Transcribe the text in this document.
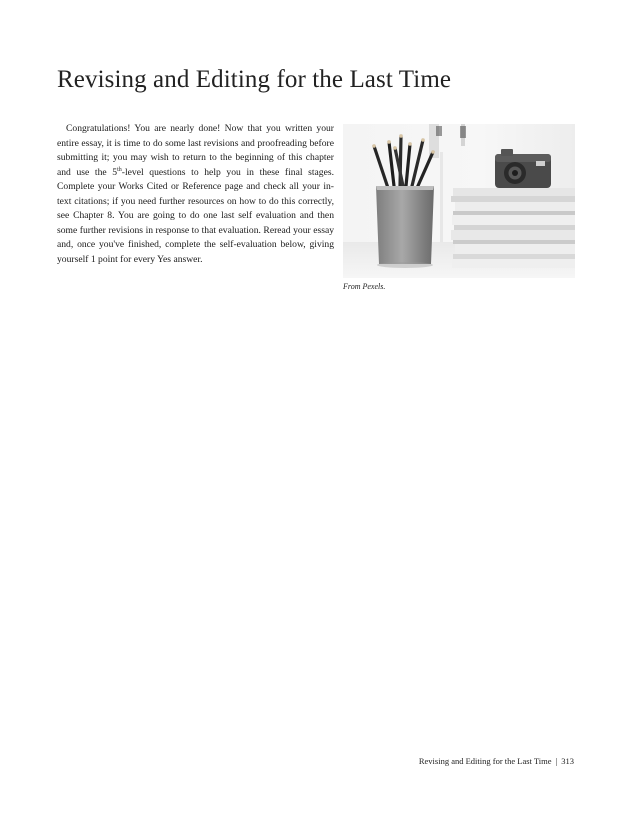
Revising and Editing for the Last Time

Congratulations! You are nearly done! Now that you written your entire essay, it is time to do some last revisions and proofreading before submitting it; you may wish to return to the beginning of this chapter and use the 5th-level questions to help you in these final stages. Complete your Works Cited or Reference page and check all your in-text citations; if you need further resources on how to do this correctly, see Chapter 8. You are going to do one last self evaluation and then some further revisions in response to that evaluation. Reread your essay and, once you've finished, complete the self-evaluation below, giving yourself 1 point for every Yes answer.

From Pexels.
Revising and Editing for the Last Time | 313
